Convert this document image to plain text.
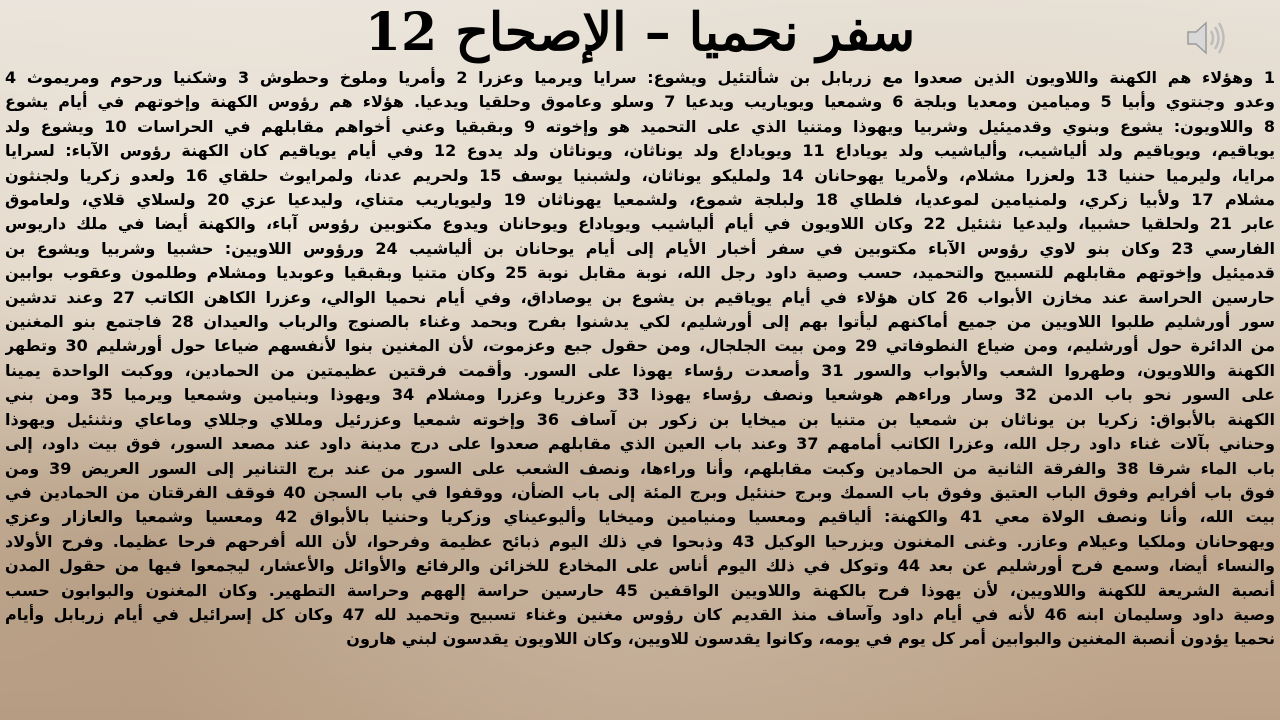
سفر نحميا – الإصحاح 12
1 وهؤلاء هم الكهنة واللاويون الذين صعدوا مع زربابل بن شألتئيل ويشوع: سرايا ويرميا وعزرا 2 وأمريا وملوخ وحطوش 3 وشكنيا ورحوم ومريموث 4
وعدو وجنتوي وأبيا 5 وميامين ومعديا وبلجة 6 وشمعيا ويوياريب ويدعيا 7 وسلو وعاموق وحلقيا ويدعيا. هؤلاء هم رؤوس الكهنة وإخوتهم في أيام يشوع
8 واللاويون: يشوع وبنوي وقدميئيل وشربيا ويهوذا ومتنيا الذي على التحميد هو وإخوته 9 وبقبقيا وعني أخواهم مقابلهم في الحراسات 10 ويشوع ولد
يوياقيم، ويوياقيم ولد ألياشيب، وألياشيب ولد يوياداع 11 ويوياداع ولد يوناثان، ويوناثان ولد يدوع 12 وفي أيام يوياقيم كان الكهنة رؤوس الآباء: لسرايا
مرايا، وليرميا حننيا 13 ولعزرا مشلام، ولأمريا يهوحانان 14 ولمليكو يوناثان، ولشبنيا يوسف 15 ولحريم عدنا، ولمرايوث حلقاي 16 ولعدو زكريا ولجنثون
مشلام 17 ولأبيا زكري، ولمنيامين لموعديا، فلطاي 18 ولبلجة شموع، ولشمعيا يهوناثان 19 وليوياريب متناي، وليدعيا عزي 20 ولسلاي قلاي، ولعاموق
عابر 21 ولحلقيا حشبيا، وليدعيا نثنئيل 22 وكان اللاويون في أيام ألياشيب ويوياداع ويوحانان ويدوع مكتوبين رؤوس آباء، والكهنة أيضا في ملك داريوس
الفارسي 23 وكان بنو لاوي رؤوس الآباء مكتوبين في سفر أخبار الأيام إلى أيام يوحانان بن ألياشيب 24 ورؤوس اللاويين: حشبيا وشربيا ويشوع بن
قدميئيل وإخوتهم مقابلهم للتسبيح والتحميد، حسب وصية داود رجل الله، نوبة مقابل نوبة 25 وكان متنيا وبقبقيا وعوبديا ومشلام وطلمون وعقوب بوابين
حارسين الحراسة عند مخازن الأبواب 26 كان هؤلاء في أيام يوياقيم بن يشوع بن يوصاداق، وفي أيام نحميا الوالي، وعزرا الكاهن الكاتب 27 وعند تدشين
سور أورشليم طلبوا اللاويين من جميع أماكنهم ليأتوا بهم إلى أورشليم، لكي يدشنوا بفرح وبحمد وغناء بالصنوج والرباب والعيدان 28 فاجتمع بنو المغنين
من الدائرة حول أورشليم، ومن ضياع النطوفاتي 29 ومن بيت الجلجال، ومن حقول جبع وعزموت، لأن المغنين بنوا لأنفسهم ضياعا حول أورشليم 30 وتطهر
الكهنة واللاويون، وطهروا الشعب والأبواب والسور 31 وأصعدت رؤساء يهوذا على السور. وأقمت فرقتين عظيمتين من الحمادين، ووكبت الواحدة يمينا
على السور نحو باب الدمن 32 وسار وراءهم هوشعيا ونصف رؤساء يهوذا 33 وعزريا وعزرا ومشلام 34 ويهوذا وبنيامين وشمعيا ويرميا 35 ومن بني
الكهنة بالأبواق: زكريا بن يوناثان بن شمعيا بن متنيا بن ميخايا بن زكور بن آساف 36 وإخوته شمعيا وعزرئيل ومللاي وجللاي وماعاي ونثنئيل ويهوذا
وحناني بآلات غناء داود رجل الله، وعزرا الكاتب أمامهم 37 وعند باب العين الذي مقابلهم صعدوا على درج مدينة داود عند مصعد السور، فوق بيت داود، إلى
باب الماء شرقا 38 والفرقة الثانية من الحمادين وكبت مقابلهم، وأنا وراءها، ونصف الشعب على السور من عند برج التنانير إلى السور العريض 39 ومن
فوق باب أفرايم وفوق الباب العتيق وفوق باب السمك وبرج حننئيل وبرج المئة إلى باب الضأن، ووقفوا في باب السجن 40 فوقف الفرقتان من الحمادين في
بيت الله، وأنا ونصف الولاة معي 41 والكهنة: ألياقيم ومعسيا ومنيامين وميخايا وأليوعيناي وزكريا وحننيا بالأبواق 42 ومعسيا وشمعيا والعازار وعزي
ويهوحانان وملكيا وعيلام وعازر. وغنى المغنون ويزرحيا الوكيل 43 وذبحوا في ذلك اليوم ذبائح عظيمة وفرحوا، لأن الله أفرحهم فرحا عظيما. وفرح الأولاد
والنساء أيضا، وسمع فرح أورشليم عن بعد 44 وتوكل في ذلك اليوم أناس على المخادع للخزائن والرفائع والأوائل والأعشار، ليجمعوا فيها من حقول المدن
أنصبة الشريعة للكهنة واللاويين، لأن يهوذا فرح بالكهنة واللاويين الواقفين 45 حارسين حراسة إلههم وحراسة التطهير. وكان المغنون والبوابون حسب
وصية داود وسليمان ابنه 46 لأنه في أيام داود وآساف منذ القديم كان رؤوس مغنين وغناء تسبيح وتحميد لله 47 وكان كل إسرائيل في أيام زربابل وأيام
نحميا يؤدون أنصبة المغنين والبوابين أمر كل يوم في يومه، وكانوا يقدسون للاويين، وكان اللاويون يقدسون لبني هارون
